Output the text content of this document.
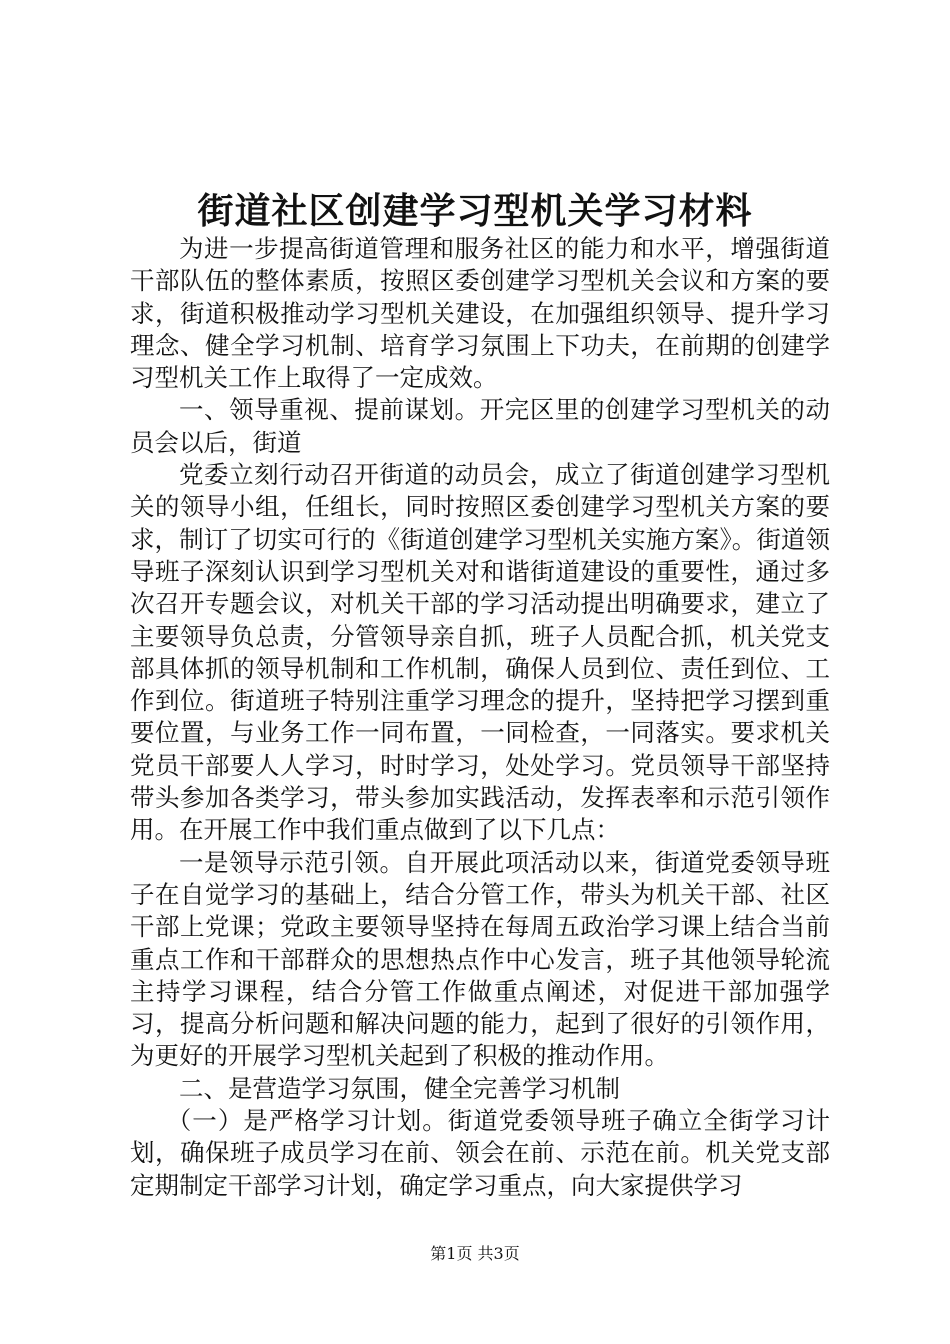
街道社区创建学习型机关学习材料

为进一步提高街道管理和服务社区的能力和水平，增强街道干部队伍的整体素质，按照区委创建学习型机关会议和方案的要求，街道积极推动学习型机关建设，在加强组织领导、提升学习理念、健全学习机制、培育学习氛围上下功夫，在前期的创建学习型机关工作上取得了一定成效。

一、领导重视、提前谋划。开完区里的创建学习型机关的动员会以后，街道

党委立刻行动召开街道的动员会，成立了街道创建学习型机关的领导小组，任组长，同时按照区委创建学习型机关方案的要求，制订了切实可行的《街道创建学习型机关实施方案》。街道领导班子深刻认识到学习型机关对和谐街道建设的重要性，通过多次召开专题会议，对机关干部的学习活动提出明确要求，建立了主要领导负总责，分管领导亲自抓，班子人员配合抓，机关党支部具体抓的领导机制和工作机制，确保人员到位、责任到位、工作到位。街道班子特别注重学习理念的提升，坚持把学习摆到重要位置，与业务工作一同布置，一同检查，一同落实。要求机关党员干部要人人学习，时时学习，处处学习。党员领导干部坚持带头参加各类学习，带头参加实践活动，发挥表率和示范引领作用。在开展工作中我们重点做到了以下几点：

一是领导示范引领。自开展此项活动以来，街道党委领导班子在自觉学习的基础上，结合分管工作，带头为机关干部、社区干部上党课；党政主要领导坚持在每周五政治学习课上结合当前重点工作和干部群众的思想热点作中心发言，班子其他领导轮流主持学习课程，结合分管工作做重点阐述，对促进干部加强学习，提高分析问题和解决问题的能力，起到了很好的引领作用，为更好的开展学习型机关起到了积极的推动作用。

二、是营造学习氛围，健全完善学习机制

（一）是严格学习计划。街道党委领导班子确立全街学习计划，确保班子成员学习在前、领会在前、示范在前。机关党支部定期制定干部学习计划，确定学习重点，向大家提供学习

第1页 共3页
